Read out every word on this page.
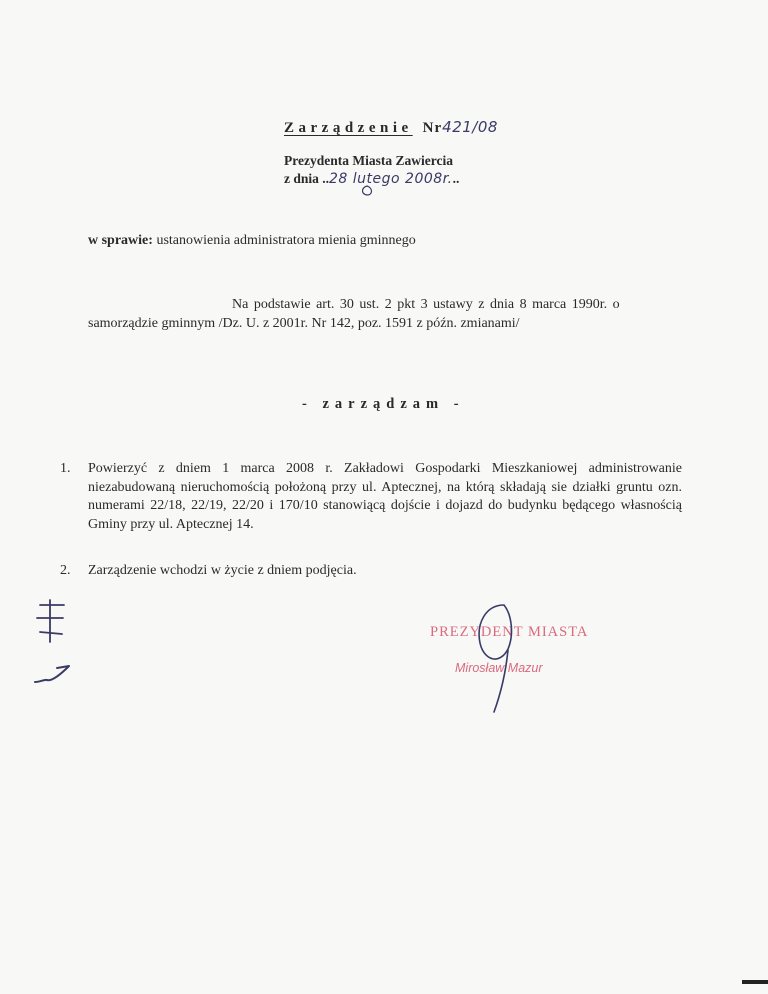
Zarządzenie Nr421/08
Prezydenta Miasta Zawiercia
z dnia ..28 lutego 2008r...
w sprawie: ustanowienia administratora mienia gminnego
Na podstawie art. 30 ust. 2 pkt 3 ustawy z dnia 8 marca 1990r. o
samorządzie gminnym /Dz. U. z 2001r. Nr 142, poz. 1591 z późn. zmianami/
- zarządzam -
1.	Powierzyć z dniem 1 marca 2008 r. Zakładowi Gospodarki Mieszkaniowej administrowanie niezabudowaną nieruchomością położoną przy ul. Aptecznej, na którą składają sie działki gruntu ozn. numerami 22/18, 22/19, 22/20 i 170/10 stanowiącą dojście i dojazd do budynku będącego własnością Gminy przy ul. Aptecznej 14.
2.	Zarządzenie wchodzi w życie z dniem podjęcia.
PREZYDENT MIASTA
Mirosław Mazur
